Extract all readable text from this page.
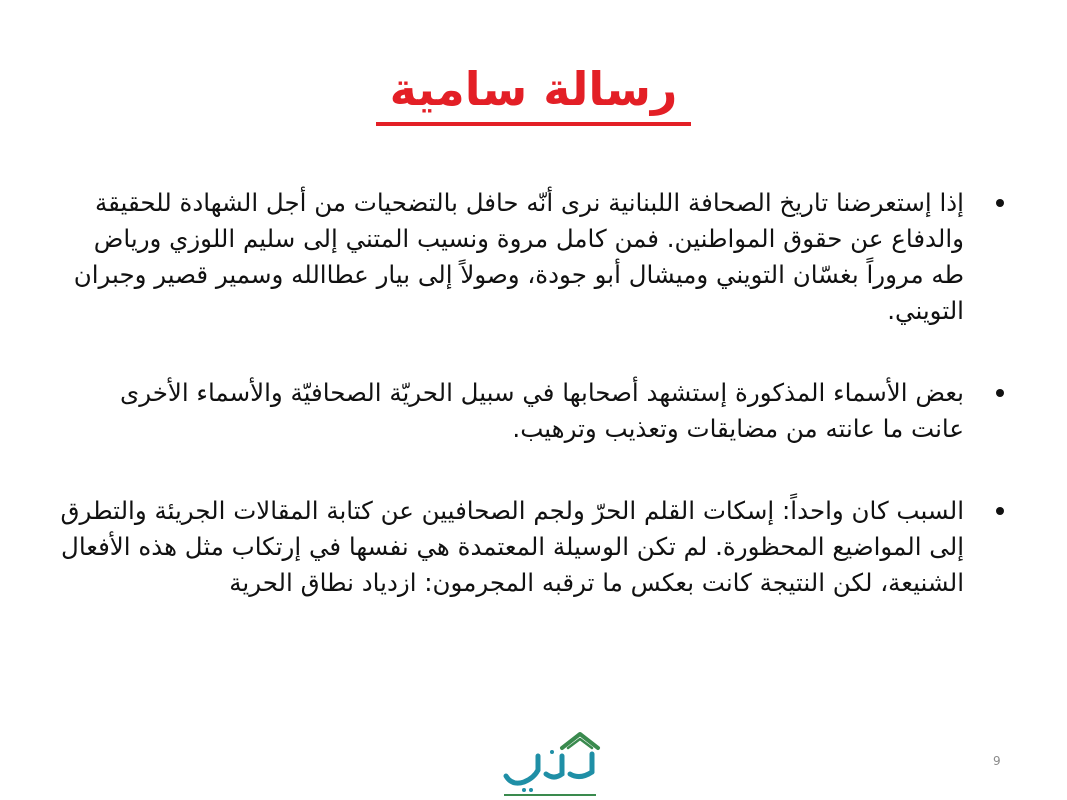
رسالة سامية
إذا إستعرضنا تاريخ الصحافة اللبنانية نرى أنّه حافل بالتضحيات من أجل الشهادة للحقيقة والدفاع عن حقوق المواطنين. فمن كامل مروة ونسيب المتني إلى سليم اللوزي ورياض طه مروراً بغسّان التويني وميشال أبو جودة، وصولاً إلى بيار عطاالله وسمير قصير وجبران التويني.
بعض الأسماء المذكورة إستشهد أصحابها في سبيل الحريّة الصحافيّة والأسماء الأخرى عانت ما عانته من مضايقات وتعذيب وترهيب.
السبب كان واحداً: إسكات القلم الحرّ ولجم الصحافيين عن كتابة المقالات الجريئة والتطرق إلى المواضيع المحظورة. لم تكن الوسيلة المعتمدة هي نفسها في إرتكاب مثل هذه الأفعال الشنيعة، لكن النتيجة كانت بعكس ما ترقبه المجرمون: ازدياد نطاق الحرية
9
